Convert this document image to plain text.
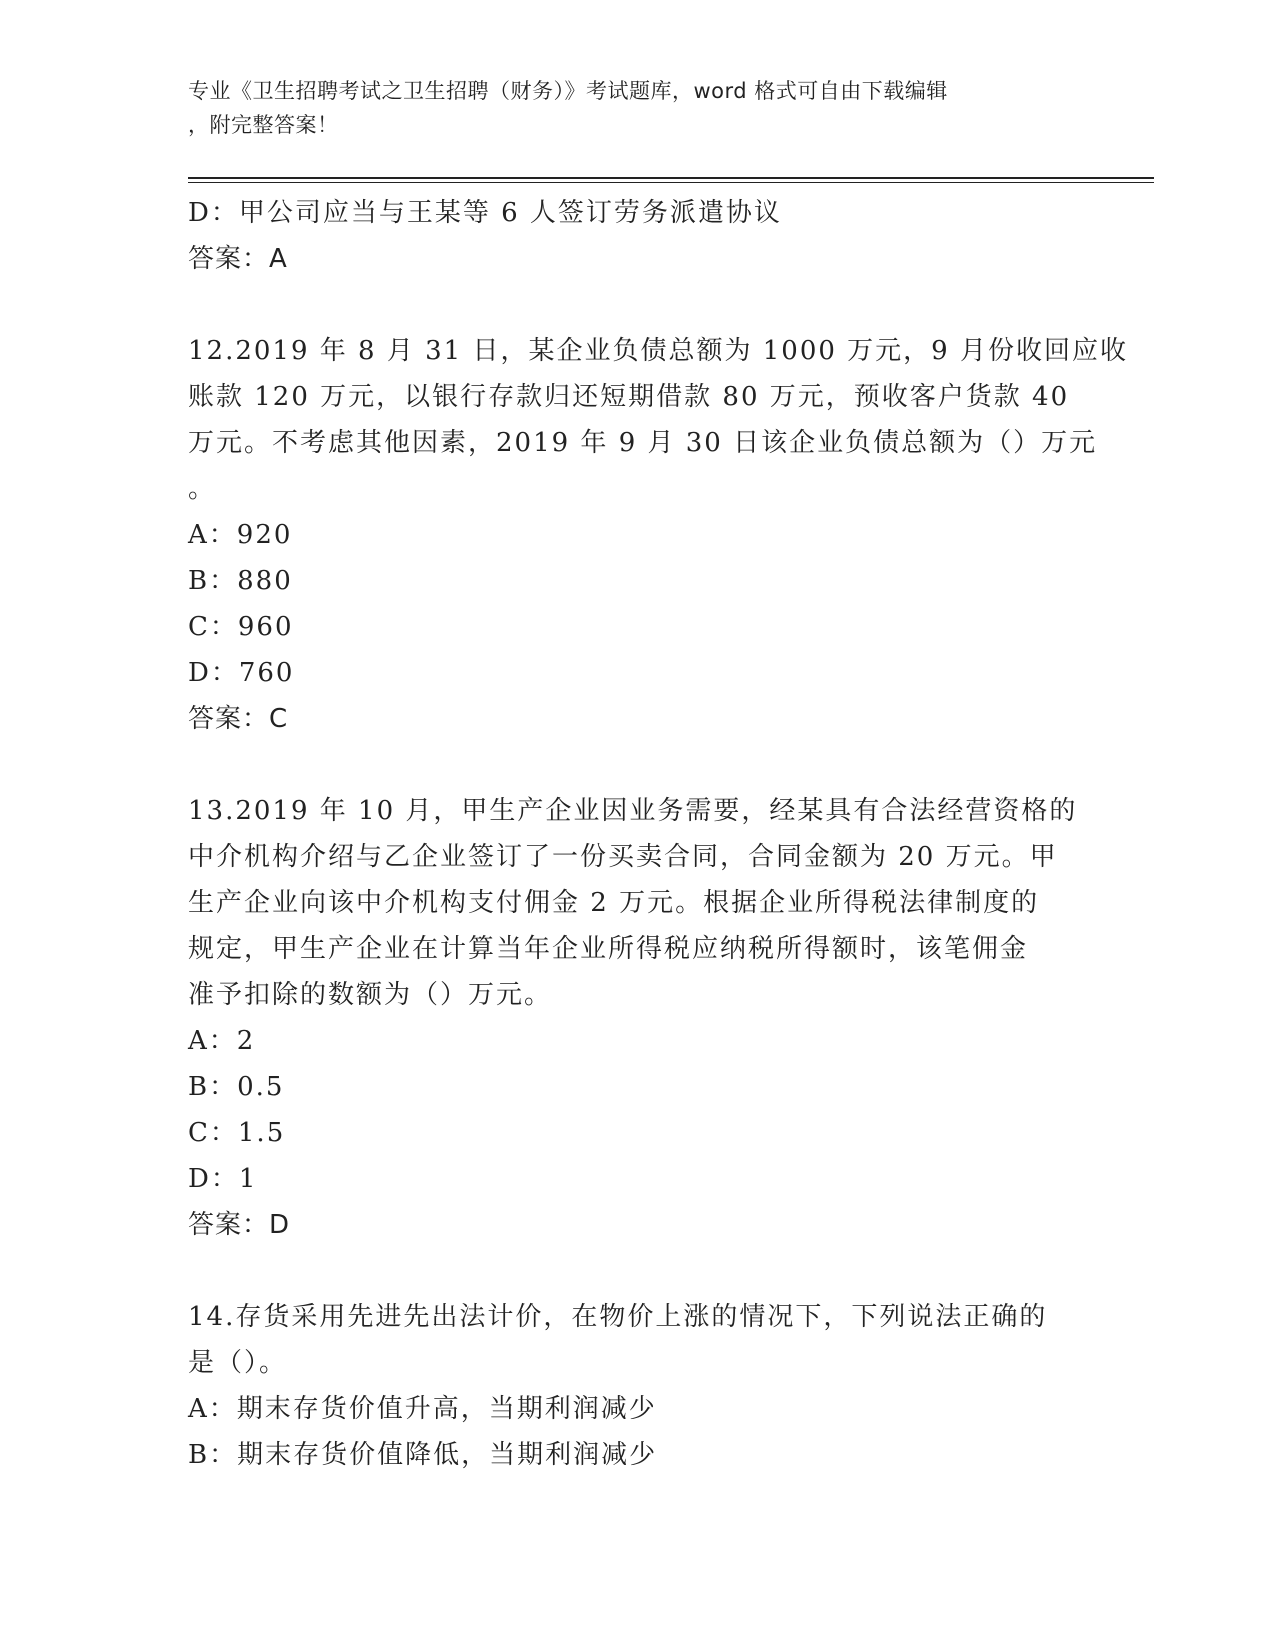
专业《卫生招聘考试之卫生招聘（财务）》考试题库，word 格式可自由下载编辑
，附完整答案！
D：甲公司应当与王某等 6 人签订劳务派遣协议
答案：A
12.2019 年 8 月 31 日，某企业负债总额为 1000 万元，9 月份收回应收
账款 120 万元，以银行存款归还短期借款 80 万元，预收客户货款 40
万元。不考虑其他因素，2019 年 9 月 30 日该企业负债总额为（）万元
。
A：920
B：880
C：960
D：760
答案：C
13.2019 年 10 月，甲生产企业因业务需要，经某具有合法经营资格的
中介机构介绍与乙企业签订了一份买卖合同，合同金额为 20 万元。甲
生产企业向该中介机构支付佣金 2 万元。根据企业所得税法律制度的
规定，甲生产企业在计算当年企业所得税应纳税所得额时，该笔佣金
准予扣除的数额为（）万元。
A：2
B：0.5
C：1.5
D：1
答案：D
14.存货采用先进先出法计价，在物价上涨的情况下，下列说法正确的
是（）。
A：期末存货价值升高，当期利润减少
B：期末存货价值降低，当期利润减少
